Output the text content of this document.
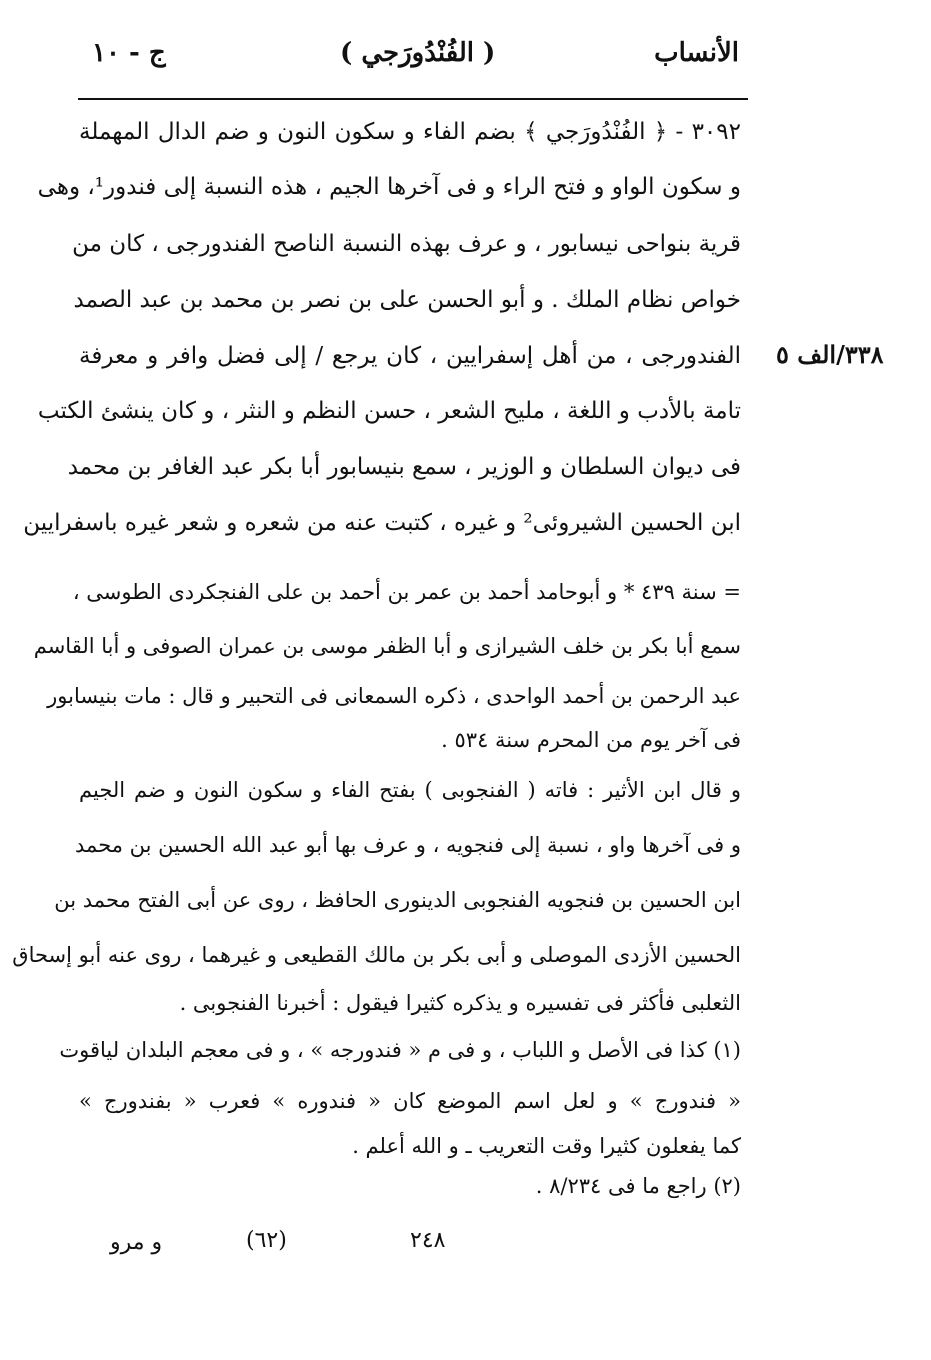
الأنساب
( الفُنْدُورَجي )
ج - ١٠
٣٣٨/الف ٥
٣٠٩٢ - ﴿ الفُنْدُورَجي ﴾ بضم الفاء و سكون النون و ضم الدال المهملة
و سكون الواو و فتح الراء و فى آخرها الجيم ، هذه النسبة إلى فندور¹، وهى
قرية بنواحى نيسابور ، و عرف بهذه النسبة الناصح الفندورجى ، كان من
خواص نظام الملك . و أبو الحسن على بن نصر بن محمد بن عبد الصمد
الفندورجى ، من أهل إسفرايين ، كان يرجع / إلى فضل وافر و معرفة
تامة بالأدب و اللغة ، مليح الشعر ، حسن النظم و النثر ، و كان ينشئ الكتب
فى ديوان السلطان و الوزير ، سمع بنيسابور أبا بكر عبد الغافر بن محمد
ابن الحسين الشيروئى² و غيره ، كتبت عنه من شعره و شعر غيره باسفرايين
= سنة ٤٣٩ * و أبوحامد أحمد بن عمر بن أحمد بن على الفنجكردى الطوسى ،
سمع أبا بكر بن خلف الشيرازى و أبا الظفر موسى بن عمران الصوفى و أبا القاسم
عبد الرحمن بن أحمد الواحدى ، ذكره السمعانى فى التحبير و قال : مات بنيسابور
فى آخر يوم من المحرم سنة ٥٣٤ .
و قال ابن الأثير : فاته ( الفنجوبى ) بفتح الفاء و سكون النون و ضم الجيم
و فى آخرها واو ، نسبة إلى فنجويه ، و عرف بها أبو عبد الله الحسين بن محمد
ابن الحسين بن فنجويه الفنجوبى الدينورى الحافظ ، روى عن أبى الفتح محمد بن
الحسين الأزدى الموصلى و أبى بكر بن مالك القطيعى و غيرهما ، روى عنه أبو إسحاق
الثعلبى فأكثر فى تفسيره و يذكره كثيرا فيقول : أخبرنا الفنجوبى .
(١) كذا فى الأصل و اللباب ، و فى م « فندورجه » ، و فى معجم البلدان لياقوت
« فندورج » و لعل اسم الموضع كان « فندوره » فعرب « بفندورج »
كما يفعلون كثيرا وقت التعريب ـ و الله أعلم .
(٢) راجع ما فى ٨/٢٣٤ .
٢٤٨
(٦٢)
و مرو
